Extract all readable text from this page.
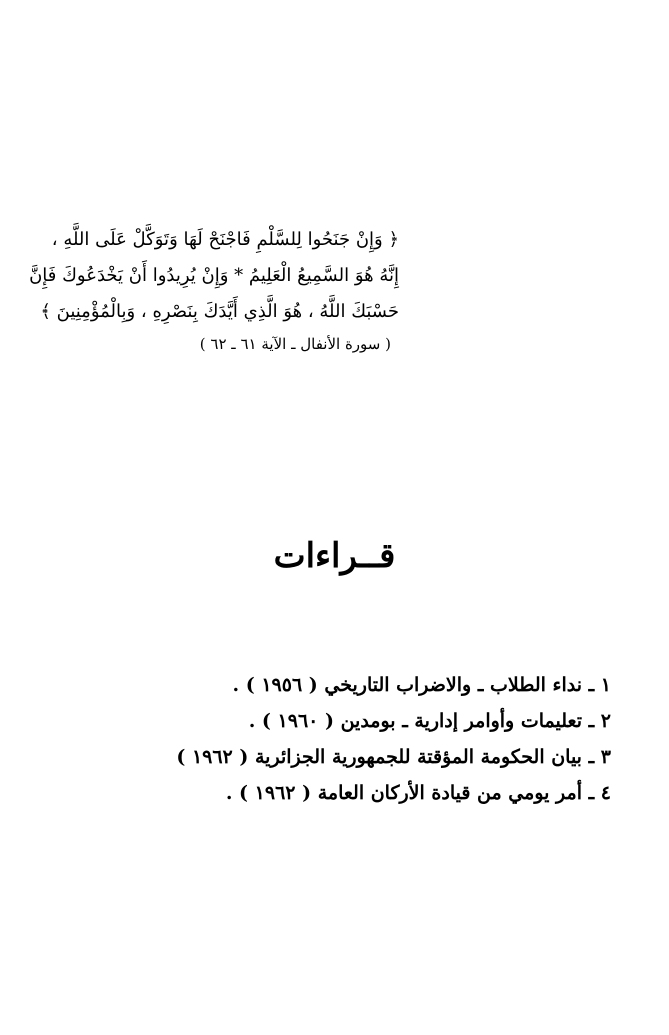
﴿ وَإِنْ جَنَحُوا لِلسَّلْمِ فَاجْنَحْ لَهَا وَتَوَكَّلْ عَلَى اللَّهِ ،
إِنَّهُ هُوَ السَّمِيعُ الْعَلِيمُ * وَإِنْ يُرِيدُوا أَنْ يَخْدَعُوكَ فَإِنَّ
حَسْبَكَ اللَّهُ ، هُوَ الَّذِي أَيَّدَكَ بِنَصْرِهِ ، وَبِالْمُؤْمِنِينَ ﴾
( سورة الأنفال ـ الآية ٦١ ـ ٦٢ )
قــراءات
١ ـ نداء الطلاب ـ والاضراب التاريخي ( ١٩٥٦ ) .
٢ ـ تعليمات وأوامر إدارية ـ بومدين ( ١٩٦٠ ) .
٣ ـ بيان الحكومة المؤقتة للجمهورية الجزائرية ( ١٩٦٢ )
٤ ـ أمر يومي من قيادة الأركان العامة ( ١٩٦٢ ) .
